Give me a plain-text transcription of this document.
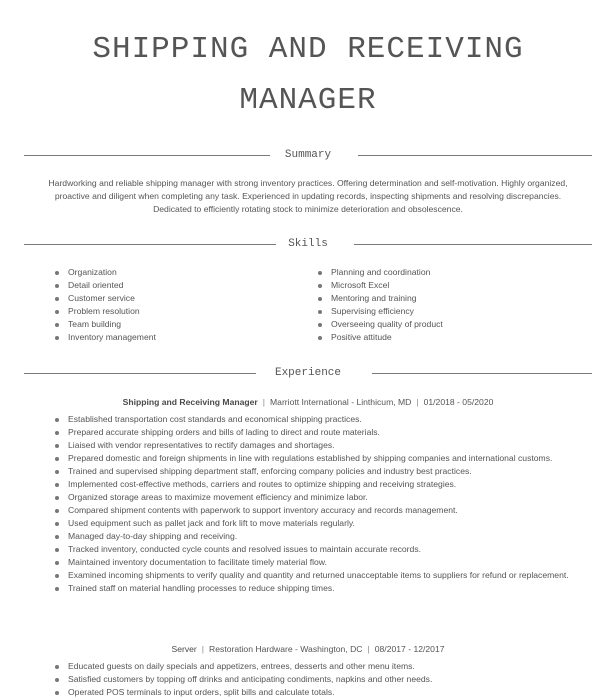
SHIPPING AND RECEIVING
MANAGER
Summary
Hardworking and reliable shipping manager with strong inventory practices. Offering determination and self-motivation. Highly organized, proactive and diligent when completing any task. Experienced in updating records, inspecting shipments and resolving discrepancies. Dedicated to efficiently rotating stock to minimize deterioration and obsolescence.
Skills
Organization
Detail oriented
Customer service
Problem resolution
Team building
Inventory management
Planning and coordination
Microsoft Excel
Mentoring and training
Supervising efficiency
Overseeing quality of product
Positive attitude
Experience
Shipping and Receiving Manager | Marriott International - Linthicum, MD | 01/2018 - 05/2020
Established transportation cost standards and economical shipping practices.
Prepared accurate shipping orders and bills of lading to direct and route materials.
Liaised with vendor representatives to rectify damages and shortages.
Prepared domestic and foreign shipments in line with regulations established by shipping companies and international customs.
Trained and supervised shipping department staff, enforcing company policies and industry best practices.
Implemented cost-effective methods, carriers and routes to optimize shipping and receiving strategies.
Organized storage areas to maximize movement efficiency and minimize labor.
Compared shipment contents with paperwork to support inventory accuracy and records management.
Used equipment such as pallet jack and fork lift to move materials regularly.
Managed day-to-day shipping and receiving.
Tracked inventory, conducted cycle counts and resolved issues to maintain accurate records.
Maintained inventory documentation to facilitate timely material flow.
Examined incoming shipments to verify quality and quantity and returned unacceptable items to suppliers for refund or replacement.
Trained staff on material handling processes to reduce shipping times.
Server | Restoration Hardware - Washington, DC | 08/2017 - 12/2017
Educated guests on daily specials and appetizers, entrees, desserts and other menu items.
Satisfied customers by topping off drinks and anticipating condiments, napkins and other needs.
Operated POS terminals to input orders, split bills and calculate totals.
